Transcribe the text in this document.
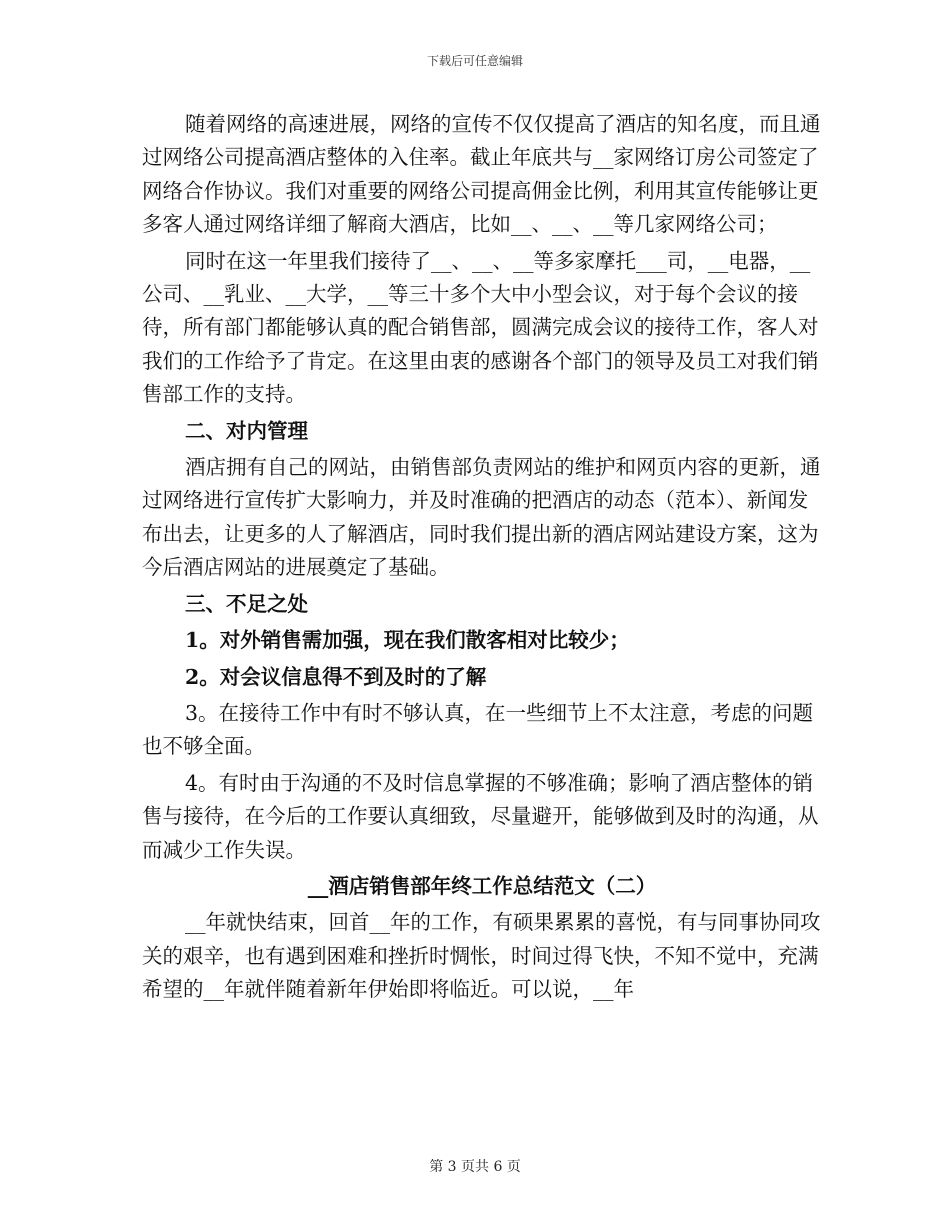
下载后可任意编辑

随着网络的高速进展，网络的宣传不仅仅提高了酒店的知名度，而且通过网络公司提高酒店整体的入住率。截止年底共与__家网络订房公司签定了网络合作协议。我们对重要的网络公司提高佣金比例，利用其宣传能够让更多客人通过网络详细了解商大酒店，比如__、__、__等几家网络公司；

同时在这一年里我们接待了__、__、__等多家摩托___司，__电器，__公司、__乳业、__大学，__等三十多个大中小型会议，对于每个会议的接待，所有部门都能够认真的配合销售部，圆满完成会议的接待工作，客人对我们的工作给予了肯定。在这里由衷的感谢各个部门的领导及员工对我们销售部工作的支持。

二、对内管理

酒店拥有自己的网站，由销售部负责网站的维护和网页内容的更新，通过网络进行宣传扩大影响力，并及时准确的把酒店的动态（范本）、新闻发布出去，让更多的人了解酒店，同时我们提出新的酒店网站建设方案，这为今后酒店网站的进展奠定了基础。

三、不足之处

1。对外销售需加强，现在我们散客相对比较少；

2。对会议信息得不到及时的了解

3。在接待工作中有时不够认真，在一些细节上不太注意，考虑的问题也不够全面。

4。有时由于沟通的不及时信息掌握的不够准确；影响了酒店整体的销售与接待，在今后的工作要认真细致，尽量避开，能够做到及时的沟通，从而减少工作失误。

__酒店销售部年终工作总结范文（二）

__年就快结束，回首__年的工作，有硕果累累的喜悦，有与同事协同攻关的艰辛，也有遇到困难和挫折时惆怅，时间过得飞快，不知不觉中，充满希望的__年就伴随着新年伊始即将临近。可以说，__年

第 3 页共 6 页
